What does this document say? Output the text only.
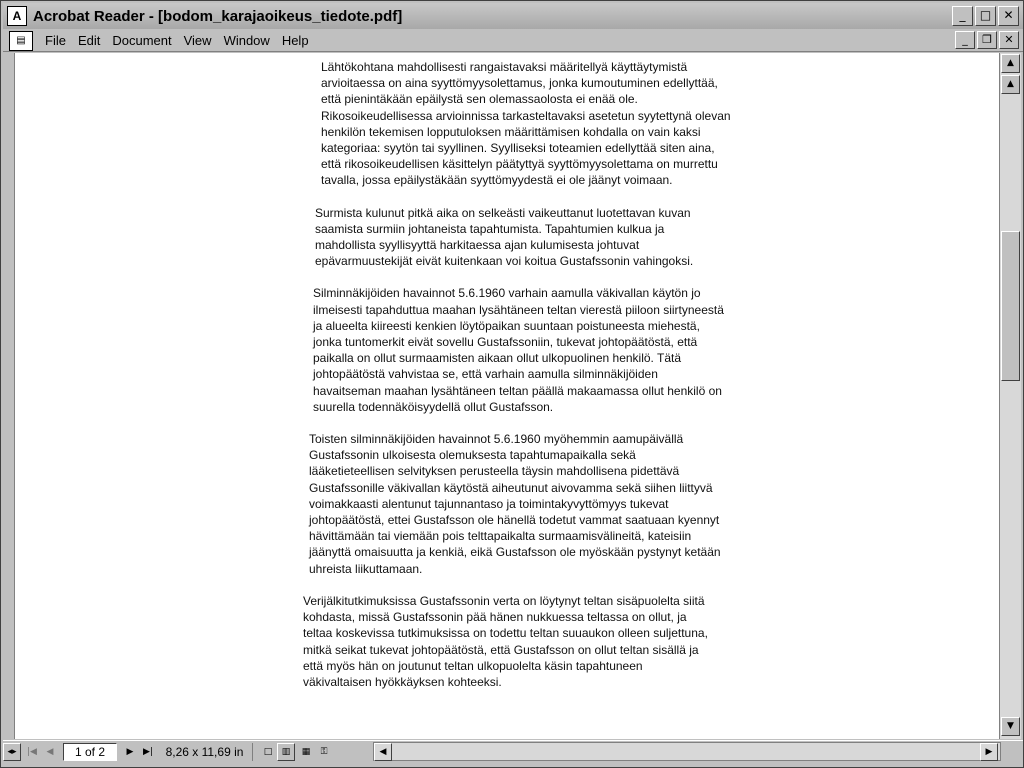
A Acrobat Reader - [bodom_karajaoikeus_tiedote.pdf]	_	□	✕
▤	File Edit Document View Window Help	_	❐	✕

Lähtökohtana mahdollisesti rangaistavaksi määritellyä käyttäytymistä

arvioitaessa on aina syyttömyysolettamus, jonka kumoutuminen edellyttää,

että pienintäkään epäilystä sen olemassaolosta ei enää ole.

Rikosoikeudellisessa arvioinnissa tarkasteltavaksi asetetun syytettynä olevan

henkilön tekemisen lopputuloksen määrittämisen kohdalla on vain kaksi

kategoriaa: syytön tai syyllinen. Syylliseksi toteamien edellyttää siten aina,

että rikosoikeudellisen käsittelyn päätyttyä syyttömyysolettama on murrettu

tavalla, jossa epäilystäkään syyttömyydestä ei ole jäänyt voimaan.

Surmista kulunut pitkä aika on selkeästi vaikeuttanut luotettavan kuvan

saamista surmiin johtaneista tapahtumista. Tapahtumien kulkua ja

mahdollista syyllisyyttä harkitaessa ajan kulumisesta johtuvat

epävarmuustekijät eivät kuitenkaan voi koitua Gustafssonin vahingoksi.

Silminnäkijöiden havainnot 5.6.1960 varhain aamulla väkivallan käytön jo

ilmeisesti tapahduttua maahan lysähtäneen teltan vierestä piiloon siirtyneestä

ja alueelta kiireesti kenkien löytöpaikan suuntaan poistuneesta miehestä,

jonka tuntomerkit eivät sovellu Gustafssoniin, tukevat johtopäätöstä, että

paikalla on ollut surmaamisten aikaan ollut ulkopuolinen henkilö. Tätä

johtopäätöstä vahvistaa se, että varhain aamulla silminnäkijöiden

havaitseman maahan lysähtäneen teltan päällä makaamassa ollut henkilö on

suurella todennäköisyydellä ollut Gustafsson.

Toisten silminnäkijöiden havainnot 5.6.1960 myöhemmin aamupäivällä

Gustafssonin ulkoisesta olemuksesta tapahtumapaikalla sekä

lääketieteellisen selvityksen perusteella täysin mahdollisena pidettävä

Gustafssonille väkivallan käytöstä aiheutunut aivovamma sekä siihen liittyvä

voimakkaasti alentunut tajunnantaso ja toimintakyvyttömyys tukevat

johtopäätöstä, ettei Gustafsson ole hänellä todetut vammat saatuaan kyennyt

hävittämään tai viemään pois telttapaikalta surmaamisvälineitä, kateisiin

jäänyttä omaisuutta ja kenkiä, eikä Gustafsson ole myöskään pystynyt ketään

uhreista liikuttamaan.

Verijälkitutkimuksissa Gustafssonin verta on löytynyt teltan sisäpuolelta siitä

kohdasta, missä Gustafssonin pää hänen nukkuessa teltassa on ollut, ja

teltaa koskevissa tutkimuksissa on todettu teltan suuaukon olleen suljettuna,

mitkä seikat tukevat johtopäätöstä, että Gustafsson on ollut teltan sisällä ja

että myös hän on joutunut teltan ulkopuolelta käsin tapahtuneen

väkivaltaisen hyökkäyksen kohteeksi.

▲
▲
▼
◂▸	|◀	◀	1 of 2	▶	▶|	8,26 x 11,69 in	□	▥	▦	⚿	◀	▶
